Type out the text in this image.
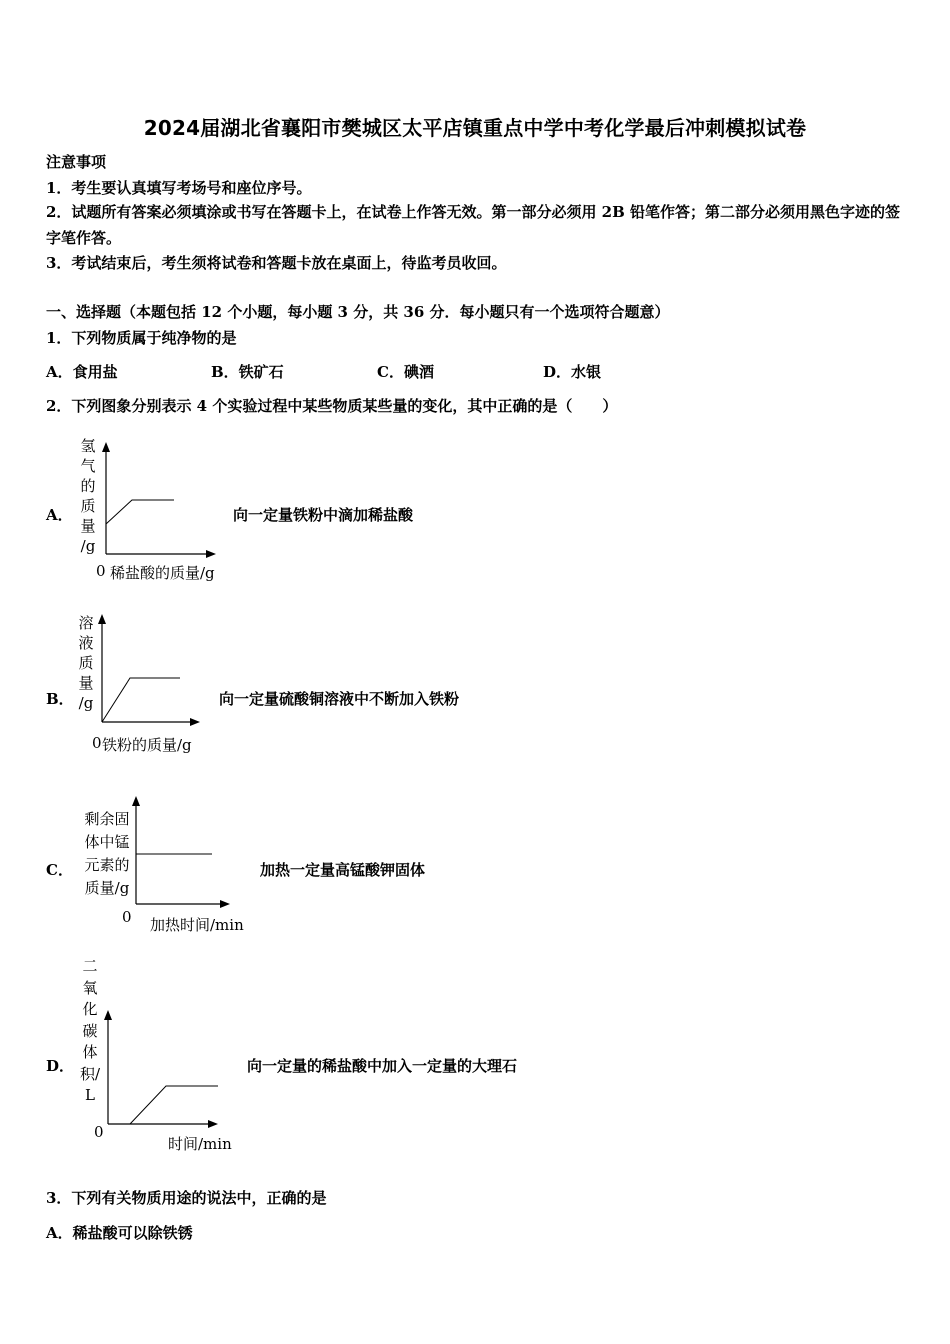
2024届湖北省襄阳市樊城区太平店镇重点中学中考化学最后冲刺模拟试卷
注意事项
1．考生要认真填写考场号和座位序号。
2．试题所有答案必须填涂或书写在答题卡上，在试卷上作答无效。第一部分必须用 2B 铅笔作答；第二部分必须用黑色字迹的签字笔作答。
3．考试结束后，考生须将试卷和答题卡放在桌面上，待监考员收回。
一、选择题（本题包括 12 个小题，每小题 3 分，共 36 分．每小题只有一个选项符合题意）
1．下列物质属于纯净物的是
A．食用盐	B．铁矿石	C．碘酒	D．水银
2．下列图象分别表示 4 个实验过程中某些物质某些量的变化，其中正确的是（　　）
A．
氢
气
的
质
量
/g
0 稀盐酸的质量/g
向一定量铁粉中滴加稀盐酸
B．
溶
液
质
量
/g
0 铁粉的质量/g
向一定量硫酸铜溶液中不断加入铁粉
C．
剩余固
体中锰
元素的
质量/g
0 加热时间/min
加热一定量高锰酸钾固体
D．
二
氧
化
碳
体
积/
L
0
时间/min
向一定量的稀盐酸中加入一定量的大理石
3．下列有关物质用途的说法中，正确的是
A．稀盐酸可以除铁锈
